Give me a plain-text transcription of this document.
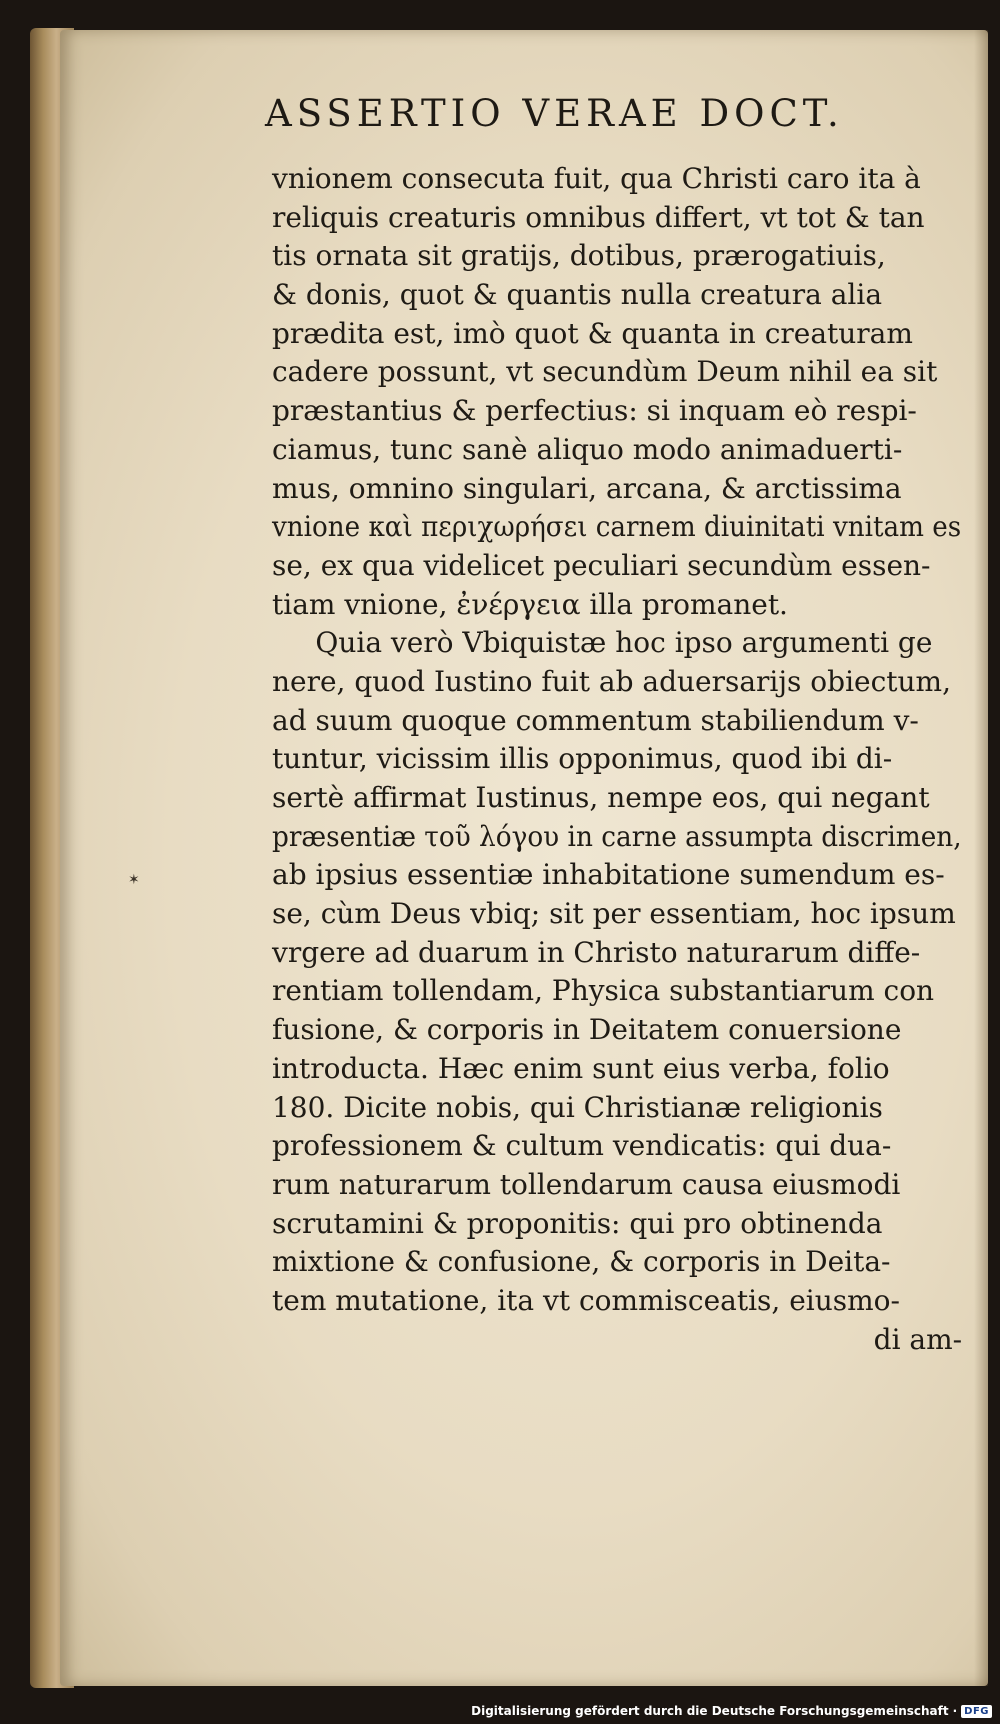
ASSERTIO VERAE DOCT.
vnionem consecuta fuit, qua Christi caro ita à
reliquis creaturis omnibus differt, vt tot & tan
tis ornata sit gratijs, dotibus, prærogatiuis,
& donis, quot & quantis nulla creatura alia
prædita est, imò quot & quanta in creaturam
cadere possunt, vt secundùm Deum nihil ea sit
præstantius & perfectius: si inquam eò respi-
ciamus, tunc sanè aliquo modo animaduerti-
mus, omnino singulari, arcana, & arctissima
vnione καὶ περιχωρήσει carnem diuinitati vnitam es
se, ex qua videlicet peculiari secundùm essen-
tiam vnione, ἐνέργεια illa promanet.
Quia verò Vbiquistæ hoc ipso argumenti ge
nere, quod Iustino fuit ab aduersarijs obiectum,
ad suum quoque commentum stabiliendum v-
tuntur, vicissim illis opponimus, quod ibi di-
sertè affirmat Iustinus, nempe eos, qui negant
præsentiæ τοῦ λόγου in carne assumpta discrimen,
ab ipsius essentiæ inhabitatione sumendum es-
se, cùm Deus vbiq; sit per essentiam, hoc ipsum
vrgere ad duarum in Christo naturarum diffe-
rentiam tollendam, Physica substantiarum con
fusione, & corporis in Deitatem conuersione
introducta. Hæc enim sunt eius verba, folio
180. Dicite nobis, qui Christianæ religionis
professionem & cultum vendicatis: qui dua-
rum naturarum tollendarum causa eiusmodi
scrutamini & proponitis: qui pro obtinenda
mixtione & confusione, & corporis in Deita-
tem mutatione, ita vt commisceatis, eiusmo-
di am-
✶
Digitalisierung gefördert durch die Deutsche Forschungsgemeinschaft · DFG
